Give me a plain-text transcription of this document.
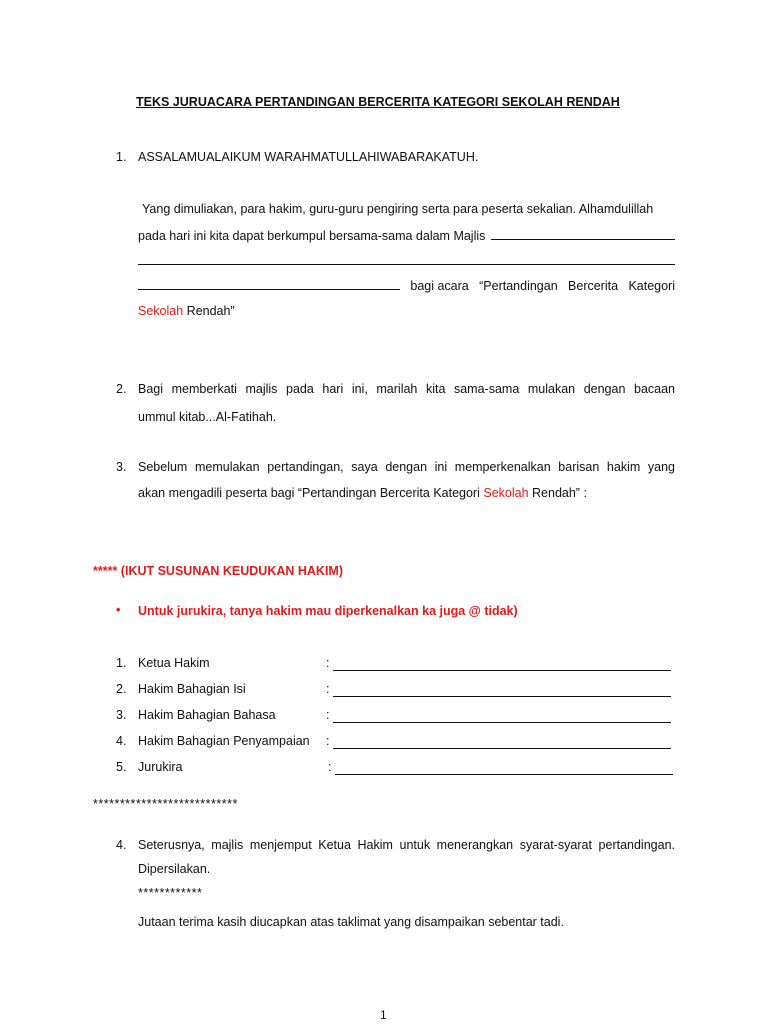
TEKS JURUACARA PERTANDINGAN BERCERITA KATEGORI SEKOLAH RENDAH
1. ASSALAMUALAIKUM WARAHMATULLAHIWABARAKATUH.
Yang dimuliakan, para hakim, guru-guru pengiring serta para peserta sekalian. Alhamdulillah
pada hari ini kita dapat berkumpul bersama-sama dalam Majlis
bagi acara “Pertandingan Bercerita Kategori
Sekolah Rendah”
2. Bagi memberkati majlis pada hari ini, marilah kita sama-sama mulakan dengan bacaan
ummul kitab...Al-Fatihah.
3. Sebelum memulakan pertandingan, saya dengan ini memperkenalkan barisan hakim yang
akan mengadili peserta bagi “Pertandingan Bercerita Kategori Sekolah Rendah” :
***** (IKUT SUSUNAN KEUDUKAN HAKIM)
• Untuk jurukira, tanya hakim mau diperkenalkan ka juga @ tidak)
1. Ketua Hakim	:
2. Hakim Bahagian Isi	:
3. Hakim Bahagian Bahasa	:
4. Hakim Bahagian Penyampaian :
5. Jurukira	:
***************************
4. Seterusnya, majlis menjemput Ketua Hakim untuk menerangkan syarat-syarat pertandingan.
Dipersilakan.
************
Jutaan terima kasih diucapkan atas taklimat yang disampaikan sebentar tadi.
1
